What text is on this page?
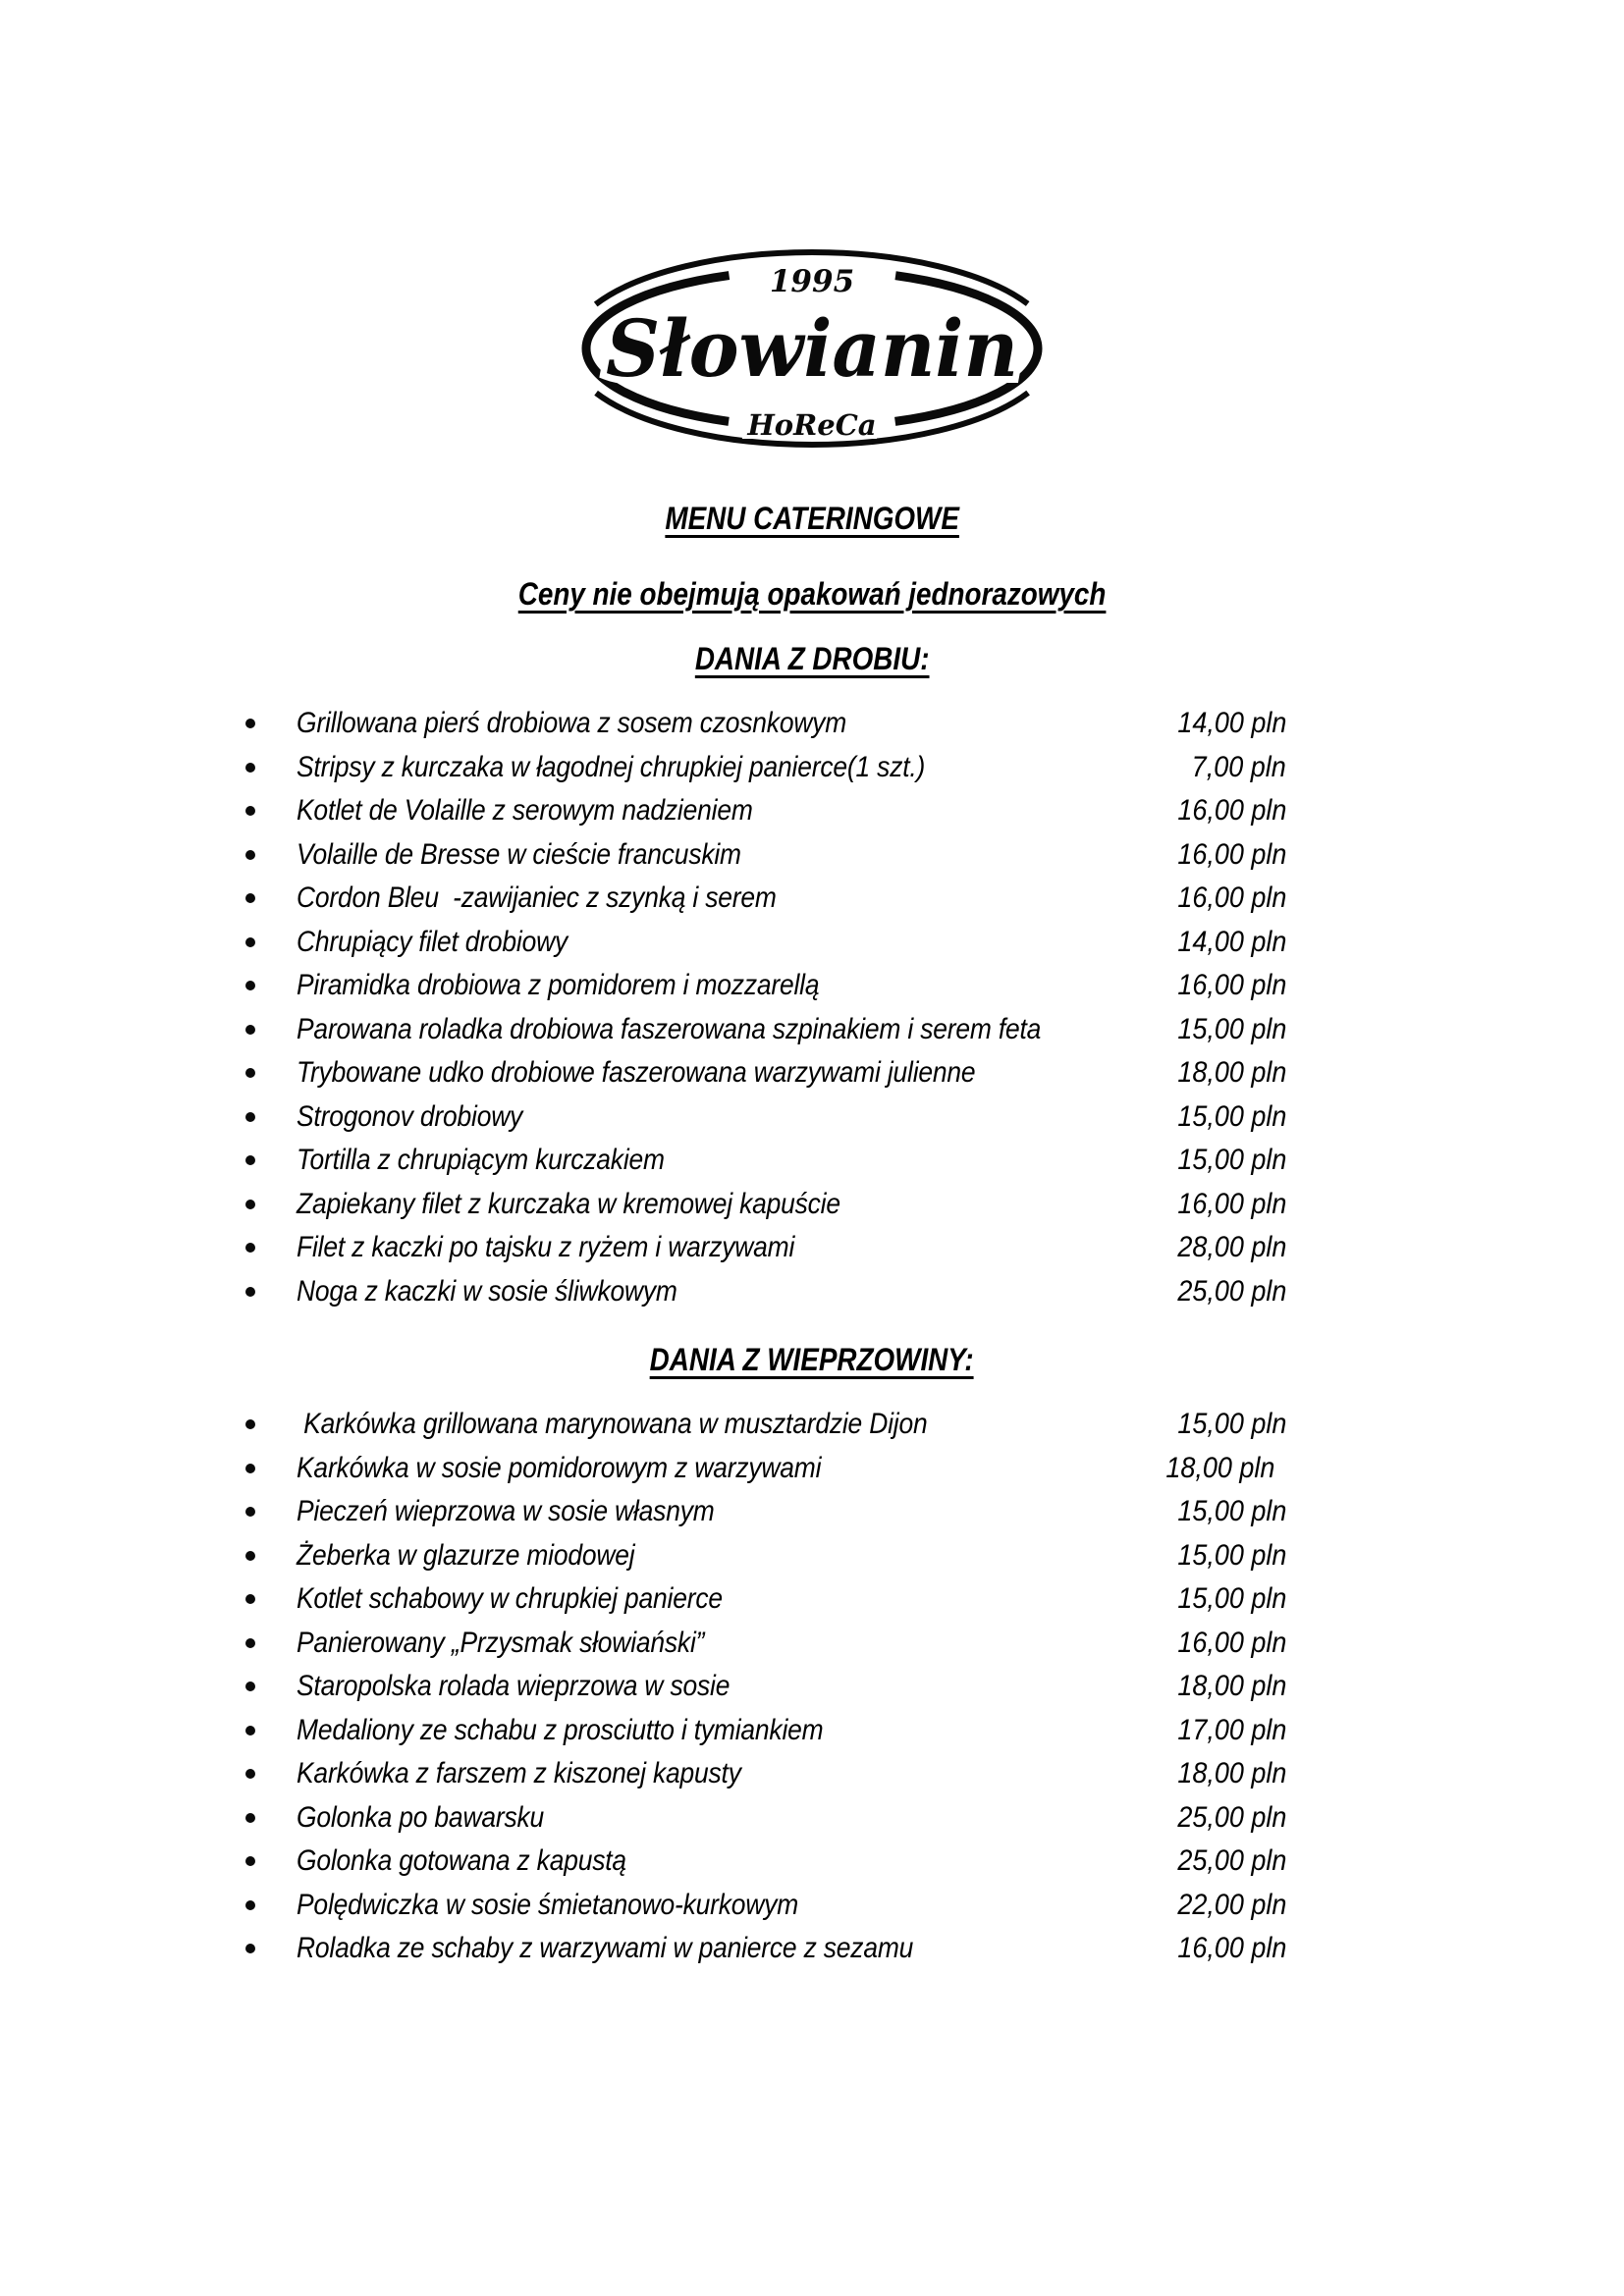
1995
Słowianin
HoReCa
MENU CATERINGOWE
Ceny nie obejmują opakowań jednorazowych
DANIA Z DROBIU:
Grillowana pierś drobiowa z sosem czosnkowym	14,00 pln
Stripsy z kurczaka w łagodnej chrupkiej panierce(1 szt.)	7,00 pln
Kotlet de Volaille z serowym nadzieniem	16,00 pln
Volaille de Bresse w cieście francuskim	16,00 pln
Cordon Bleu  -zawijaniec z szynką i serem	16,00 pln
Chrupiący filet drobiowy	14,00 pln
Piramidka drobiowa z pomidorem i mozzarellą	16,00 pln
Parowana roladka drobiowa faszerowana szpinakiem i serem feta	15,00 pln
Trybowane udko drobiowe faszerowana warzywami julienne	18,00 pln
Strogonov drobiowy	15,00 pln
Tortilla z chrupiącym kurczakiem	15,00 pln
Zapiekany filet z kurczaka w kremowej kapuście	16,00 pln
Filet z kaczki po tajsku z ryżem i warzywami	28,00 pln
Noga z kaczki w sosie śliwkowym	25,00 pln
DANIA Z WIEPRZOWINY:
Karkówka grillowana marynowana w musztardzie Dijon	15,00 pln
Karkówka w sosie pomidorowym z warzywami	18,00 pln
Pieczeń wieprzowa w sosie własnym	15,00 pln
Żeberka w glazurze miodowej	15,00 pln
Kotlet schabowy w chrupkiej panierce	15,00 pln
Panierowany „Przysmak słowiański”	16,00 pln
Staropolska rolada wieprzowa w sosie	18,00 pln
Medaliony ze schabu z prosciutto i tymiankiem	17,00 pln
Karkówka z farszem z kiszonej kapusty	18,00 pln
Golonka po bawarsku	25,00 pln
Golonka gotowana z kapustą	25,00 pln
Polędwiczka w sosie śmietanowo-kurkowym	22,00 pln
Roladka ze schaby z warzywami w panierce z sezamu	16,00 pln
